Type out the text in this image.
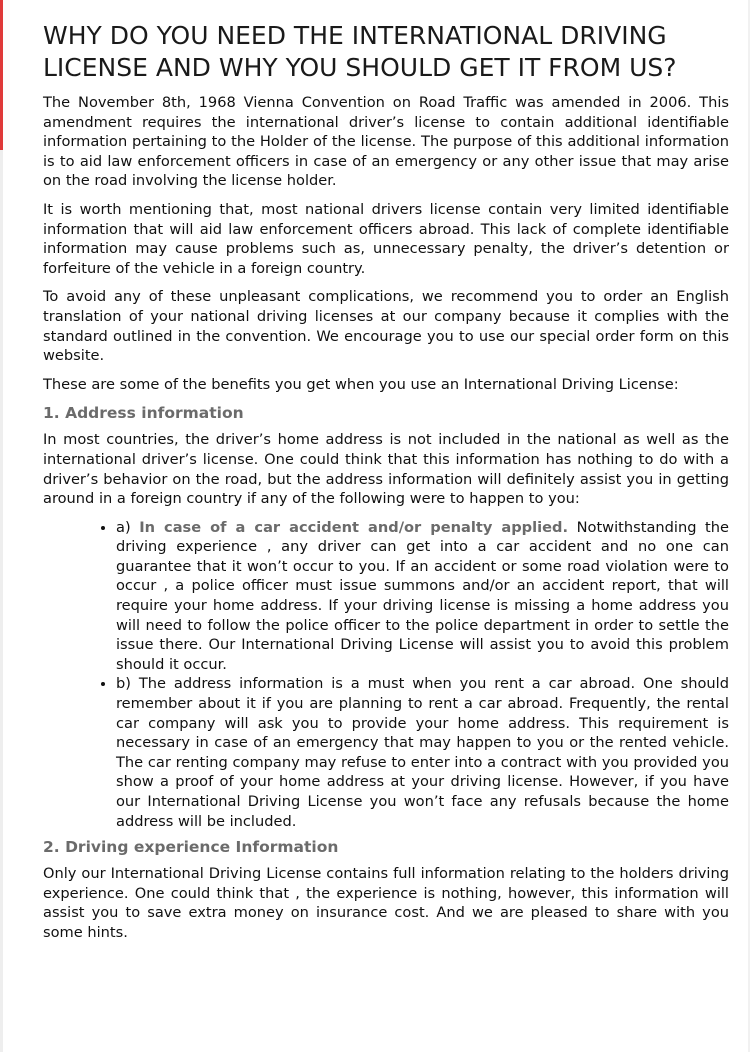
WHY DO YOU NEED THE INTERNATIONAL DRIVING LICENSE AND WHY YOU SHOULD GET IT FROM US?

The November 8th, 1968 Vienna Convention on Road Traffic was amended in 2006. This amendment requires the international driver’s license to contain additional identifiable information pertaining to the Holder of the license. The purpose of this additional information is to aid law enforcement officers in case of an emergency or any other issue that may arise on the road involving the license holder.

It is worth mentioning that, most national drivers license contain very limited identifiable information that will aid law enforcement officers abroad. This lack of complete identifiable information may cause problems such as, unnecessary penalty, the driver’s detention or forfeiture of the vehicle in a foreign country.

To avoid any of these unpleasant complications, we recommend you to order an English translation of your national driving licenses at our company because it complies with the standard outlined in the convention. We encourage you to use our special order form on this website.

These are some of the benefits you get when you use an International Driving License:

1. Address information

In most countries, the driver’s home address is not included in the national as well as the international driver’s license. One could think that this information has nothing to do with a driver’s behavior on the road, but the address information will definitely assist you in getting around in a foreign country if any of the following were to happen to you:

• a) In case of a car accident and/or penalty applied. Notwithstanding the driving experience , any driver can get into a car accident and no one can guarantee that it won’t occur to you. If an accident or some road violation were to occur , a police officer must issue summons and/or an accident report, that will require your home address. If your driving license is missing a home address you will need to follow the police officer to the police department in order to settle the issue there. Our International Driving License will assist you to avoid this problem should it occur.
• b) The address information is a must when you rent a car abroad. One should remember about it if you are planning to rent a car abroad. Frequently, the rental car company will ask you to provide your home address. This requirement is necessary in case of an emergency that may happen to you or the rented vehicle. The car renting company may refuse to enter into a contract with you provided you show a proof of your home address at your driving license. However, if you have our International Driving License you won’t face any refusals because the home address will be included.
2. Driving experience Information

Only our International Driving License contains full information relating to the holders driving experience. One could think that , the experience is nothing, however, this information will assist you to save extra money on insurance cost. And we are pleased to share with you some hints.
